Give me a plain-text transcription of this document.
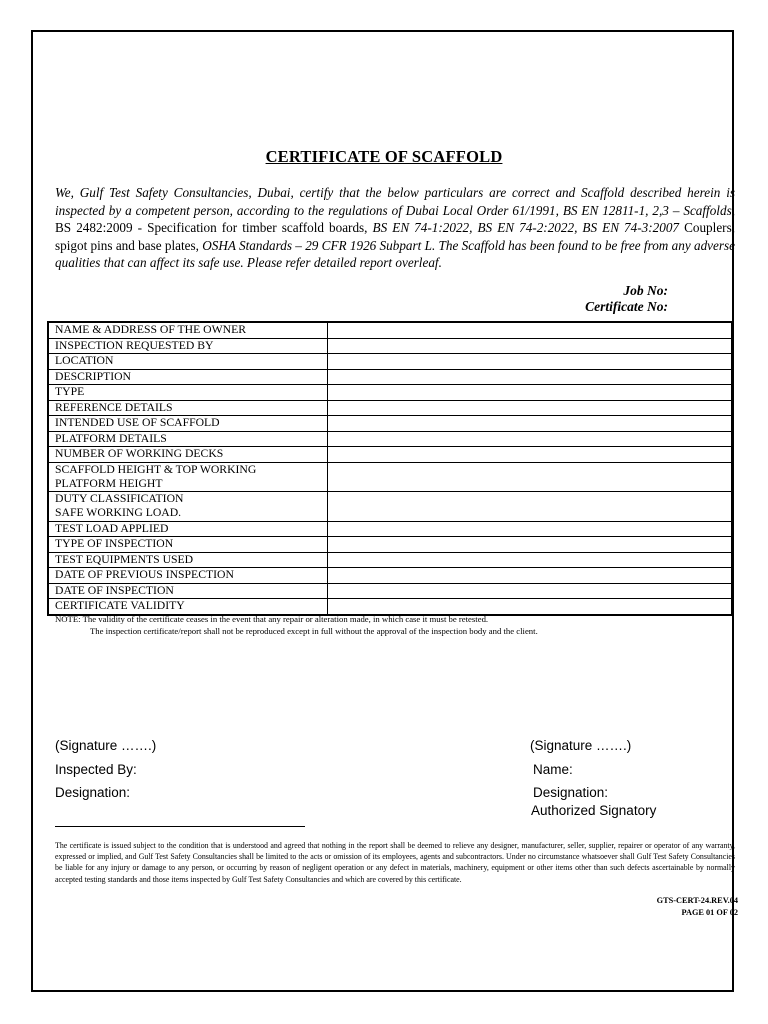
CERTIFICATE OF SCAFFOLD
We, Gulf Test Safety Consultancies, Dubai, certify that the below particulars are correct and Scaffold described herein is inspected by a competent person, according to the regulations of Dubai Local Order 61/1991, BS EN 12811-1, 2,3 – Scaffolds, BS 2482:2009 - Specification for timber scaffold boards, BS EN 74-1:2022, BS EN 74-2:2022, BS EN 74-3:2007 Couplers, spigot pins and base plates, OSHA Standards – 29 CFR 1926 Subpart L. The Scaffold has been found to be free from any adverse qualities that can affect its safe use. Please refer detailed report overleaf.
Job No:
Certificate No:
NAME & ADDRESS OF THE OWNER	
INSPECTION REQUESTED BY	
LOCATION	
DESCRIPTION	
TYPE	
REFERENCE DETAILS	
INTENDED USE OF SCAFFOLD	
PLATFORM DETAILS	
NUMBER OF WORKING DECKS	
SCAFFOLD HEIGHT & TOP WORKING
PLATFORM HEIGHT	
DUTY CLASSIFICATION
SAFE WORKING LOAD.	
TEST LOAD APPLIED	
TYPE OF INSPECTION	
TEST EQUIPMENTS USED	
DATE OF PREVIOUS INSPECTION	
DATE OF INSPECTION	
CERTIFICATE VALIDITY	
NOTE: The validity of the certificate ceases in the event that any repair or alteration made, in which case it must be retested.
The inspection certificate/report shall not be reproduced except in full without the approval of the inspection body and the client.
(Signature …….)
Inspected By:
Designation:
(Signature …….)
Name:
Designation:
Authorized Signatory
The certificate is issued subject to the condition that is understood and agreed that nothing in the report shall be deemed to relieve any designer, manufacturer, seller, supplier, repairer or operator of any warranty, expressed or implied, and Gulf Test Safety Consultancies shall be limited to the acts or omission of its employees, agents and subcontractors. Under no circumstance whatsoever shall Gulf Test Safety Consultancies be liable for any injury or damage to any person, or occurring by reason of negligent operation or any defect in materials, machinery, equipment or other items other than such defects ascertainable by normally accepted testing standards and those items inspected by Gulf Test Safety Consultancies and which are covered by this certificate.
GTS-CERT-24.REV.04
PAGE 01 OF 02
